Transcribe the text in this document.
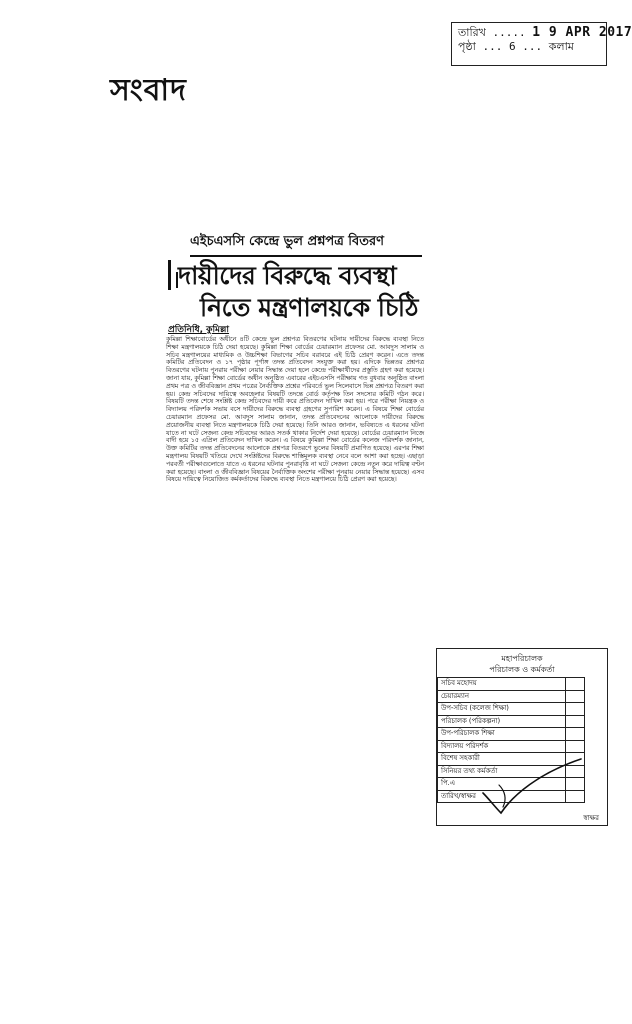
তারিখ ..... 1 9 APR 2017
পৃষ্ঠা ... 6 ... কলাম
সংবাদ
এইচএসসি কেন্দ্রে ভুল প্রশ্নপত্র বিতরণ
দায়ীদের বিরুদ্ধে ব্যবস্থা
নিতে মন্ত্রণালয়কে চিঠি
প্রতিনিধি, কুমিল্লা
কুমিল্লা শিক্ষাবোর্ডের অধীনে ৪টি কেন্দ্রে ভুল প্রশ্নপত্র বিতরণের ঘটনায় দায়ীদের বিরুদ্ধে ব্যবস্থা নিতে শিক্ষা মন্ত্রণালয়কে চিঠি দেয়া হয়েছে। কুমিল্লা শিক্ষা বোর্ডের চেয়ারম্যান প্রফেসর মো. আবদুস সালাম ও সচিব মন্ত্রণালয়ের মাধ্যমিক ও উচ্চশিক্ষা বিভাগের সচিব বরাবরে এই চিঠি প্রেরণ করেন। এতে তদন্ত কমিটির প্রতিবেদন ও ১৭ পৃষ্ঠার পূর্ণাঙ্গ তদন্ত প্রতিবেদন সংযুক্ত করা হয়। এদিকে ভিন্নতর প্রশ্নপত্র বিতরণের ঘটনায় পুনরায় পরীক্ষা নেয়ার সিদ্ধান্ত দেয়া হলে কেন্দ্রে পরীক্ষার্থীদের প্রস্তুতি গ্রহণ করা হয়েছে। জানা যায়, কুমিল্লা শিক্ষা বোর্ডের অধীন অনুষ্ঠিত এবারের এইচএসসি পরীক্ষায় গত বুধবার অনুষ্ঠিত বাংলা প্রথম পত্র ও জীববিজ্ঞান প্রথম পত্রের নৈর্ব্যক্তিক প্রশ্নের পরিবর্তে ভুল সিলেবাসে ভিন্ন প্রশ্নপত্র বিতরণ করা হয়। কেন্দ্র সচিবদের দায়িত্বে অবহেলার বিষয়টি তদন্তে বোর্ড কর্তৃপক্ষ তিন সদস্যের কমিটি গঠন করে। বিষয়টি তদন্ত শেষে সংশ্লিষ্ট কেন্দ্র সচিবদের দায়ী করে প্রতিবেদন দাখিল করা হয়। পরে পরীক্ষা নিয়ন্ত্রক ও বিদ্যালয় পরিদর্শক সভায় বসে দায়ীদের বিরুদ্ধে ব্যবস্থা গ্রহণের সুপারিশ করেন। এ বিষয়ে শিক্ষা বোর্ডের চেয়ারম্যান প্রফেসর মো. আবদুস সালাম জানান, তদন্ত প্রতিবেদনের আলোকে দায়ীদের বিরুদ্ধে প্রয়োজনীয় ব্যবস্থা নিতে মন্ত্রণালয়কে চিঠি দেয়া হয়েছে। তিনি আরও জানান, ভবিষ্যতে এ ধরনের ঘটনা যাতে না ঘটে সেজন্য কেন্দ্র সচিবদের আরও সতর্ক থাকার নির্দেশ দেয়া হয়েছে। বোর্ডের চেয়ারম্যান নিজে বাদী হয়ে ১৫ এপ্রিল প্রতিবেদন দাখিল করেন। এ বিষয়ে কুমিল্লা শিক্ষা বোর্ডের কলেজ পরিদর্শক জানান, উক্ত কমিটির তদন্ত প্রতিবেদনের আলোকে প্রশ্নপত্র বিতরণে ভুলের বিষয়টি প্রমাণিত হয়েছে। এরপর শিক্ষা মন্ত্রণালয় বিষয়টি খতিয়ে দেখে সংশ্লিষ্টদের বিরুদ্ধে শাস্তিমূলক ব্যবস্থা নেবে বলে আশা করা হচ্ছে। এছাড়া পরবর্তী পরীক্ষাগুলোতে যাতে এ ধরনের ঘটনার পুনরাবৃত্তি না ঘটে সেজন্য কেন্দ্রে নতুন করে দায়িত্ব বণ্টন করা হয়েছে। বাংলা ও জীববিজ্ঞান বিষয়ের নৈর্ব্যক্তিক অংশের পরীক্ষা পুনরায় নেয়ার সিদ্ধান্ত হয়েছে। এসব বিষয়ে দায়িত্বে নিয়োজিত কর্মকর্তাদের বিরুদ্ধে ব্যবস্থা নিতে মন্ত্রণালয়ে চিঠি প্রেরণ করা হয়েছে।
মহাপরিচালক
পরিচালক ও কর্মকর্তা
সচিব মহোদয়	
চেয়ারম্যান	
উপ-সচিব (কলেজ শিক্ষা)	
পরিচালক (পরিকল্পনা)	
উপ-পরিচালক শিক্ষা	
বিদ্যালয় পরিদর্শক	
বিশেষ সহকারী	
সিনিয়র তথ্য কর্মকর্তা	
পি.এ	
তারিখ/স্বাক্ষর	
স্বাক্ষর
